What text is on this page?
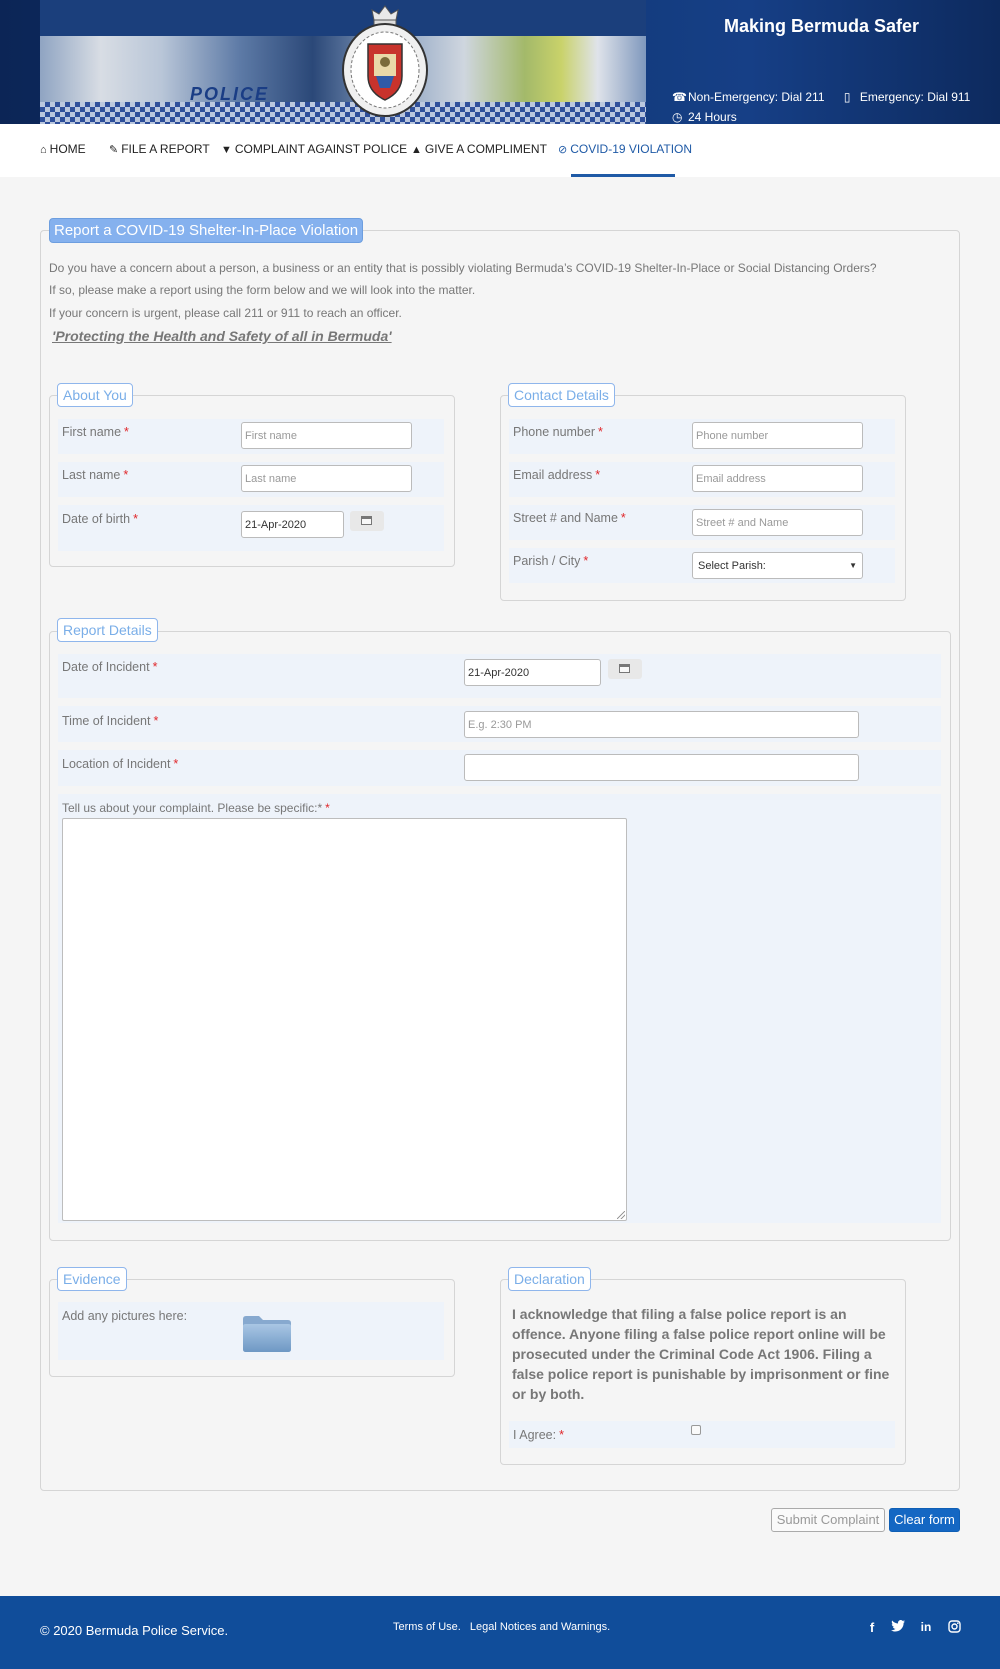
POLICE
Making Bermuda Safer
☎Non-Emergency: Dial 211 ▯ Emergency: Dial 911
◷ 24 Hours
⌂ HOME ✎ FILE A REPORT ▼ COMPLAINT AGAINST POLICE ▲ GIVE A COMPLIMENT ⊘ COVID-19 VIOLATION
Report a COVID-19 Shelter-In-Place Violation
Do you have a concern about a person, a business or an entity that is possibly violating Bermuda’s COVID-19 Shelter-In-Place or Social Distancing Orders?
If so, please make a report using the form below and we will look into the matter.
If your concern is urgent, please call 211 or 911 to reach an officer.
'Protecting the Health and Safety of all in Bermuda'
About You
First name *	First name
Last name *	Last name
Date of birth *	21-Apr-2020
Contact Details
Phone number *	Phone number
Email address *	Email address
Street # and Name *	Street # and Name
Parish / City *	Select Parish:	▼
Report Details
Date of Incident *	21-Apr-2020
Time of Incident *	E.g. 2:30 PM
Location of Incident *
Tell us about your complaint. Please be specific:* *
Evidence
Add any pictures here:
Declaration
I acknowledge that filing a false police report is an offence. Anyone filing a false police report online will be prosecuted under the Criminal Code Act 1906. Filing a false police report is punishable by imprisonment or fine or by both.
I Agree: *
Submit Complaint	Clear form
© 2020 Bermuda Police Service.	Terms of Use. Legal Notices and Warnings.	f	in
